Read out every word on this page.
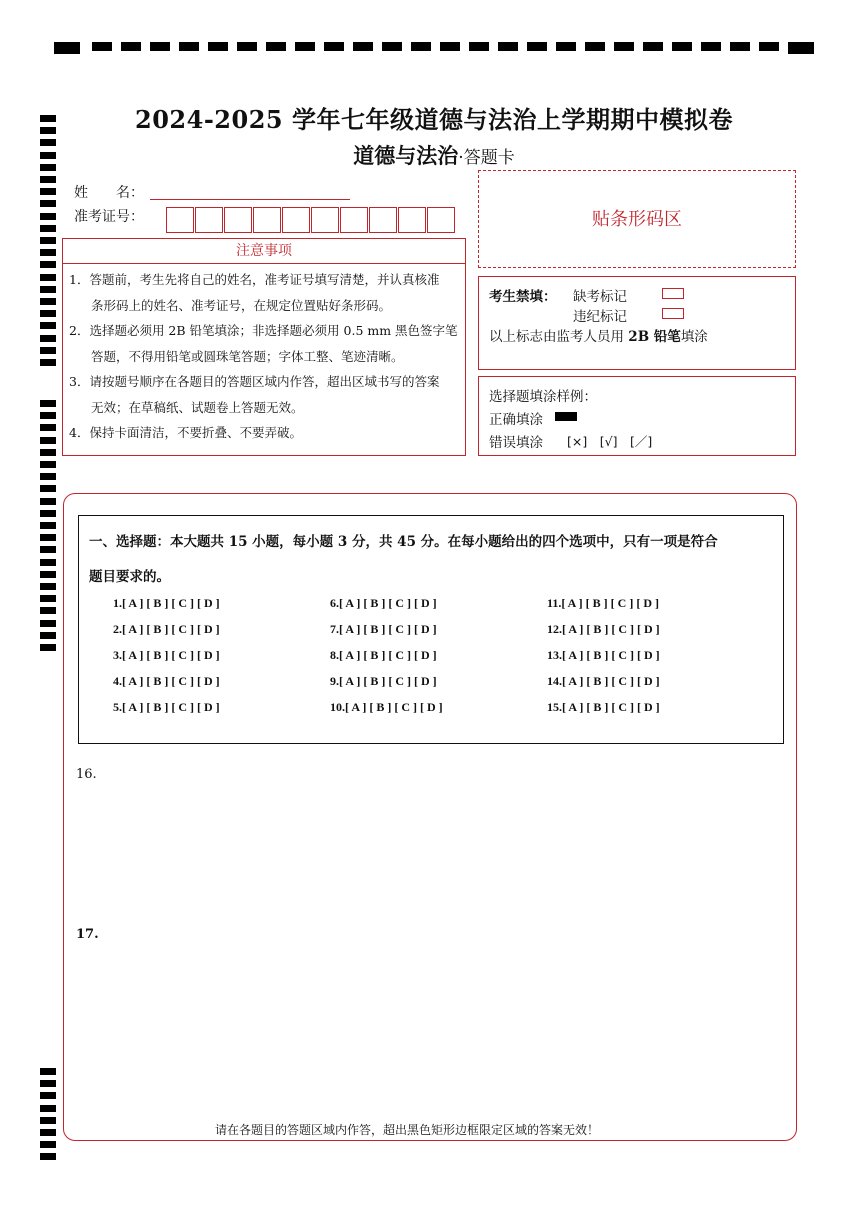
2024-2025 学年七年级道德与法治上学期期中模拟卷
道德与法治·答题卡
姓　　名：
准考证号：	贴条形码区
注意事项
1．答题前，考生先将自己的姓名，准考证号填写清楚，并认真核准
条形码上的姓名、准考证号，在规定位置贴好条形码。
2．选择题必须用 2B 铅笔填涂；非选择题必须用 0.5 mm 黑色签字笔
答题，不得用铅笔或圆珠笔答题；字体工整、笔迹清晰。
3．请按题号顺序在各题目的答题区域内作答，超出区域书写的答案
无效；在草稿纸、试题卷上答题无效。
4．保持卡面清洁，不要折叠、不要弄破。
考生禁填： 缺考标记
违纪标记
以上标志由监考人员用 2B 铅笔填涂
选择题填涂样例：
正确填涂
错误填涂 [×]　[√]　[／]
一、选择题：本大题共 15 小题，每小题 3 分，共 45 分。在每小题给出的四个选项中，只有一项是符合
题目要求的。
1.[ A ] [ B ] [ C ] [ D ]
2.[ A ] [ B ] [ C ] [ D ]
3.[ A ] [ B ] [ C ] [ D ]
4.[ A ] [ B ] [ C ] [ D ]
5.[ A ] [ B ] [ C ] [ D ]
6.[ A ] [ B ] [ C ] [ D ]
7.[ A ] [ B ] [ C ] [ D ]
8.[ A ] [ B ] [ C ] [ D ]
9.[ A ] [ B ] [ C ] [ D ]
10.[ A ] [ B ] [ C ] [ D ]
11.[ A ] [ B ] [ C ] [ D ]
12.[ A ] [ B ] [ C ] [ D ]
13.[ A ] [ B ] [ C ] [ D ]
14.[ A ] [ B ] [ C ] [ D ]
15.[ A ] [ B ] [ C ] [ D ]
16.
17.
请在各题目的答题区域内作答，超出黑色矩形边框限定区域的答案无效！
